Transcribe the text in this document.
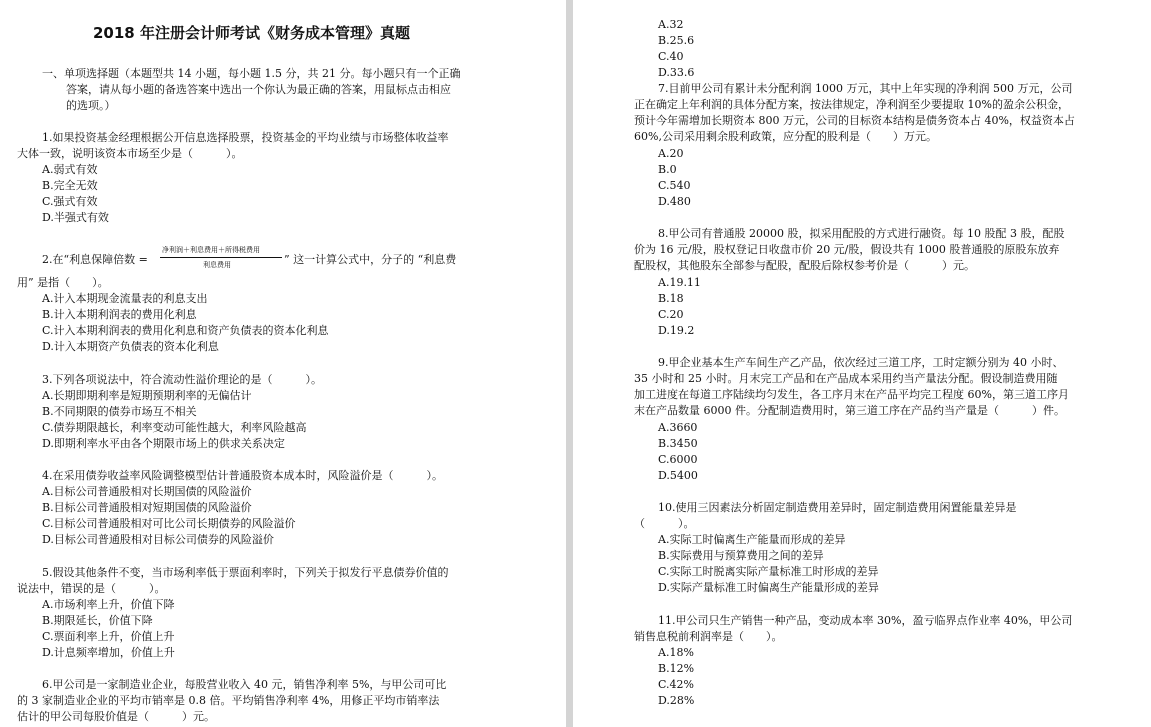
2018 年注册会计师考试《财务成本管理》真题
一、单项选择题（本题型共 14 小题，每小题 1.5 分，共 21 分。每小题只有一个正确
答案，请从每小题的备选答案中选出一个你认为最正确的答案，用鼠标点击相应
的选项。）
1.如果投资基金经理根据公开信息选择股票，投资基金的平均业绩与市场整体收益率
大体一致，说明该资本市场至少是（　　　）。
A.弱式有效
B.完全无效
C.强式有效
D.半强式有效
2.在“利息保障倍数 =
净利润＋利息费用＋所得税费用
利息费用	” 这一计算公式中，分子的 “利息费
用” 是指（　　）。
A.计入本期现金流量表的利息支出
B.计入本期利润表的费用化利息
C.计入本期利润表的费用化利息和资产负债表的资本化利息
D.计入本期资产负债表的资本化利息
3.下列各项说法中，符合流动性溢价理论的是（　　　）。
A.长期即期利率是短期预期利率的无偏估计
B.不同期限的债券市场互不相关
C.债券期限越长，利率变动可能性越大，利率风险越高
D.即期利率水平由各个期限市场上的供求关系决定
4.在采用债券收益率风险调整模型估计普通股资本成本时，风险溢价是（　　　）。
A.目标公司普通股相对长期国债的风险溢价
B.目标公司普通股相对短期国债的风险溢价
C.目标公司普通股相对可比公司长期债券的风险溢价
D.目标公司普通股相对目标公司债券的风险溢价
5.假设其他条件不变，当市场利率低于票面利率时，下列关于拟发行平息债券价值的
说法中，错误的是（　　　）。
A.市场利率上升，价值下降
B.期限延长，价值下降
C.票面利率上升，价值上升
D.计息频率增加，价值上升
6.甲公司是一家制造业企业，每股营业收入 40 元，销售净利率 5%，与甲公司可比
的 3 家制造业企业的平均市销率是 0.8 倍。平均销售净利率 4%，用修正平均市销率法
估计的甲公司每股价值是（　　　）元。
A.32
B.25.6
C.40
D.33.6
7.目前甲公司有累计未分配利润 1000 万元，其中上年实现的净利润 500 万元，公司
正在确定上年利润的具体分配方案，按法律规定，净利润至少要提取 10%的盈余公积金，
预计今年需增加长期资本 800 万元，公司的目标资本结构是债务资本占 40%，权益资本占
60%,公司采用剩余股利政策，应分配的股利是（　　）万元。
A.20
B.0
C.540
D.480
8.甲公司有普通股 20000 股，拟采用配股的方式进行融资。每 10 股配 3 股，配股
价为 16 元/股，股权登记日收盘市价 20 元/股，假设共有 1000 股普通股的原股东放弃
配股权，其他股东全部参与配股，配股后除权参考价是（　　　）元。
A.19.11
B.18
C.20
D.19.2
9.甲企业基本生产车间生产乙产品，依次经过三道工序，工时定额分别为 40 小时、
35 小时和 25 小时。月末完工产品和在产品成本采用约当产量法分配。假设制造费用随
加工进度在每道工序陆续均匀发生，各工序月末在产品平均完工程度 60%，第三道工序月
末在产品数量 6000 件。分配制造费用时，第三道工序在产品约当产量是（　　　）件。
A.3660
B.3450
C.6000
D.5400
10.使用三因素法分析固定制造费用差异时，固定制造费用闲置能量差异是
（　　　）。
A.实际工时偏离生产能量而形成的差异
B.实际费用与预算费用之间的差异
C.实际工时脱离实际产量标准工时形成的差异
D.实际产量标准工时偏离生产能量形成的差异
11.甲公司只生产销售一种产品，变动成本率 30%，盈亏临界点作业率 40%，甲公司
销售息税前利润率是（　　）。
A.18%
B.12%
C.42%
D.28%
